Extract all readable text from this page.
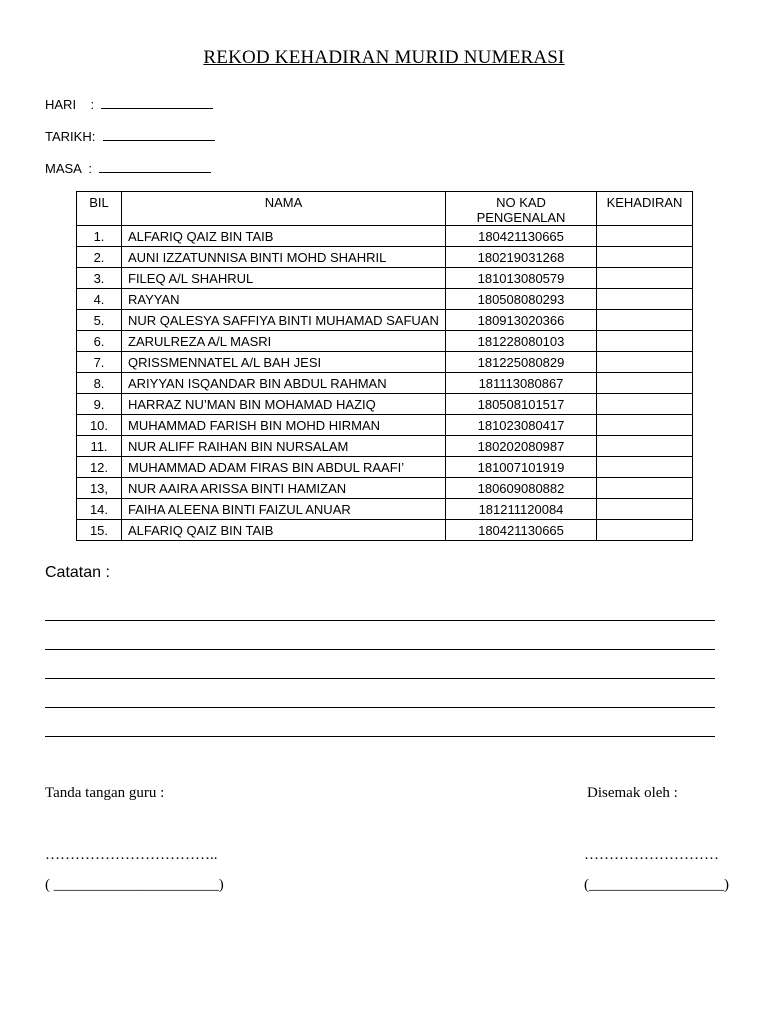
REKOD KEHADIRAN MURID NUMERASI
HARI    :
TARIKH:
MASA  :
BIL	NAMA	NO KAD PENGENALAN	KEHADIRAN
1.	ALFARIQ QAIZ BIN TAIB	180421130665	
2.	AUNI IZZATUNNISA BINTI MOHD SHAHRIL	180219031268	
3.	FILEQ A/L SHAHRUL	181013080579	
4.	RAYYAN	180508080293	
5.	NUR QALESYA SAFFIYA BINTI MUHAMAD SAFUAN	180913020366	
6.	ZARULREZA A/L MASRI	181228080103	
7.	QRISSMENNATEL A/L BAH JESI	181225080829	
8.	ARIYYAN ISQANDAR BIN ABDUL RAHMAN	181113080867	
9.	HARRAZ NU’MAN BIN MOHAMAD HAZIQ	180508101517	
10.	MUHAMMAD FARISH BIN MOHD HIRMAN	181023080417	
11.	NUR ALIFF RAIHAN BIN NURSALAM	180202080987	
12.	MUHAMMAD ADAM FIRAS BIN ABDUL RAAFI’	181007101919	
13,	NUR AAIRA ARISSA BINTI HAMIZAN	180609080882	
14.	FAIHA ALEENA BINTI FAIZUL ANUAR	181211120084	
15.	ALFARIQ QAIZ BIN TAIB	180421130665	
Catatan :
Tanda tangan guru :	Disemak oleh :
……………………………..	………………………
( ______________________)	(__________________)
